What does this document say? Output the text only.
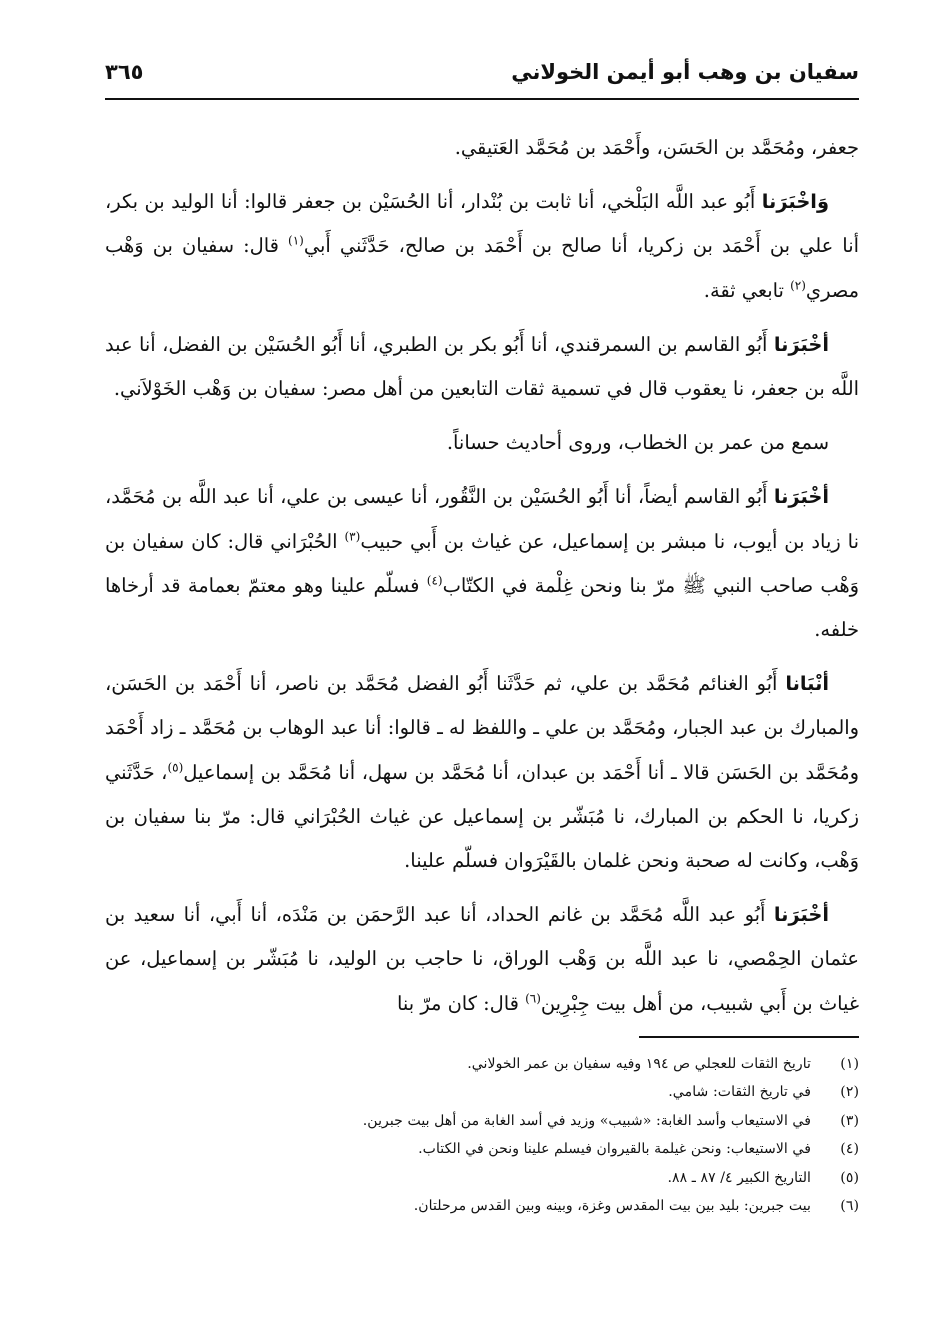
سفيان بن وهب أبو أيمن الخولاني
٣٦٥

جعفر، ومُحَمَّد بن الحَسَن، وأَحْمَد بن مُحَمَّد العَتيقي.

وَاخْبَرَنا أَبُو عبد اللَّه البَلْخي، أنا ثابت بن بُنْدار، أنا الحُسَيْن بن جعفر قالوا: أنا الوليد بن بكر، أنا علي بن أَحْمَد بن زكريا، أنا صالح بن أَحْمَد بن صالح، حَدَّثَني أَبي$^{(١)}$ قال: سفيان بن وَهْب مصري$^{(٢)}$ تابعي ثقة.

أخْبَرَنا أَبُو القاسم بن السمرقندي، أنا أَبُو بكر بن الطبري، أنا أَبُو الحُسَيْن بن الفضل، أنا عبد اللَّه بن جعفر، نا يعقوب قال في تسمية ثقات التابعين من أهل مصر: سفيان بن وَهْب الخَوْلاَني.

سمع من عمر بن الخطاب، وروى أحاديث حساناً.

أخْبَرَنا أَبُو القاسم أيضاً، أنا أَبُو الحُسَيْن بن النَّقُور، أنا عيسى بن علي، أنا عبد اللَّه بن مُحَمَّد، نا زياد بن أيوب، نا مبشر بن إسماعيل، عن غياث بن أَبي حبيب$^{(٣)}$ الحُبْرَاني قال: كان سفيان بن وَهْب صاحب النبي ﷺ مرّ بنا ونحن غِلْمة في الكتّاب$^{(٤)}$ فسلّم علينا وهو معتمّ بعمامة قد أرخاها خلفه.

أنْبَانا أَبُو الغنائم مُحَمَّد بن علي، ثم حَدَّثَنا أَبُو الفضل مُحَمَّد بن ناصر، أنا أَحْمَد بن الحَسَن، والمبارك بن عبد الجبار، ومُحَمَّد بن علي ـ واللفظ له ـ قالوا: أنا عبد الوهاب بن مُحَمَّد ـ زاد أَحْمَد ومُحَمَّد بن الحَسَن قالا ـ أنا أَحْمَد بن عبدان، أنا مُحَمَّد بن سهل، أنا مُحَمَّد بن إسماعيل$^{(٥)}$، حَدَّثَني زكريا، نا الحكم بن المبارك، نا مُبَشّر بن إسماعيل عن غياث الحُبْرَاني قال: مرّ بنا سفيان بن وَهْب، وكانت له صحبة ونحن غلمان بالقَيْرَوان فسلّم علينا.

أخْبَرَنا أَبُو عبد اللَّه مُحَمَّد بن غانم الحداد، أنا عبد الرَّحمَن بن مَنْدَه، أنا أَبي، أنا سعيد بن عثمان الحِمْصي، نا عبد اللَّه بن وَهْب الوراق، نا حاجب بن الوليد، نا مُبَشّر بن إسماعيل، عن غياث بن أَبي شبيب، من أهل بيت جِبْرِين$^{(٦)}$ قال: كان مرّ بنا

(١)
تاريخ الثقات للعجلي ص ١٩٤ وفيه سفيان بن عمر الخولاني.
(٢)
في تاريخ الثقات: شامي.
(٣)
في الاستيعاب وأسد الغابة: «شبيب» وزيد في أسد الغابة من أهل بيت جبرين.
(٤)
في الاستيعاب: ونحن غيلمة بالقيروان فيسلم علينا ونحن في الكتاب.
(٥)
التاريخ الكبير ٤/ ٨٧ ـ ٨٨.
(٦)
بيت جبرين: بليد بين بيت المقدس وغزة، وبينه وبين القدس مرحلتان.
